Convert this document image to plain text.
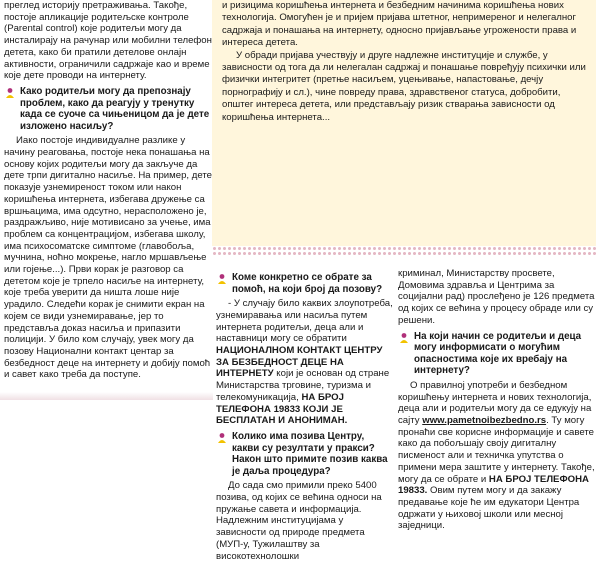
преглед историју претраживања. Такође, постоје апликације родитељске контроле (Parental control) које родитељи могу да инсталирају на рачунар или мобилни телефон детета, како би пратили детелове онлајн активности, ограничили садржаје као и време које дете проводи на интернету.

Како родитељи могу да препознају проблем, како да реагују у тренутку када се суоче са чињеницом да је дете изложено насиљу?

Иако постоје индивидуалне разлике у начину реаговања, постоје нека понашања на основу којих родитељи могу да закључе да дете трпи дигитално насиље. На пример, дете показује узнемиреност током или након коришћења интернета, избегава дружење са вршњацима, има одсутно, нерасположено је, раздражљиво, није мотивисано за учење, има проблем са концентрацијом, избегава школу, има психосоматске симптоме (главобоља, мучнина, ноћно мокрење, нагло мршављење или гојење...). Први корак је разговор са дететом које је трпело насиље на интернету, које треба уверити да ништа лоше није урадило. Следећи корак је снимити екран на којем се види узнемиравање, јер то представља доказ насиља и припазити полицији. У било ком случају, увек могу да позову Национални контакт центар за безбедност деце на интернету и добију помоћ и савет како треба да поступе.

и ризицима коришћења интернета и безбедним начинима коришћења нових технологија. Омогућен је и пријем пријава штетног, непримереног и нелегалног садржаја и понашања на интернету, односно пријављање угрожености права и интереса детета.

У обради пријава учествују и друге надлежне институције и службе, у зависности од тога да ли нелегалан садржај и понашање повређују психички или физички интегритет (претње насиљем, уцењивање, напастовање, дечју порнографију и сл.), чине повреду права, здравственог статуса, добробити, општег интереса детета, или представљају ризик стварања зависности од коришћења интернета...

Коме конкретно се обрате за помоћ, на који број да позову?

- У случају било каквих злоупотреба, узнемиравања или насиља путем интернета родитељи, деца али и наставници могу се обратити НАЦИОНАЛНОМ КОНТАКТ ЦЕНТРУ ЗА БЕЗБЕДНОСТ ДЕЦЕ НА ИНТЕРНЕТУ који је основан од стране Министарства трговине, туризма и телекомуникација, НА БРОЈ ТЕЛЕФОНА 19833 КОЈИ ЈЕ БЕСПЛАТАН И АНОНИМАН.

Колико има позива Центру, какви су резултати у пракси? Након што примите позив каква је даља процедура?

До сада смо примили преко 5400 позива, од којих се већина односи на пружање савета и информација. Надлежним институцијама у зависности од природе предмета (МУП-у, Тужилаштву за високотехнолошки

криминал, Министарству просвете, Домовима здравља и Центрима за социјални рад) прослеђено је 126 предмета од којих се већина у процесу обраде или су решени.

На који начин се родитељи и деца могу информисати о могућим опасностима које их вребају на интернету?

О правилној употреби и безбедном коришћењу интернета и нових технологија, деца али и родитељи могу да се едукују на сајту www.pametnoibezbedno.rs. Ту могу пронаћи све корисне информације и савете како да побољшају своју дигиталну писменост али и техничка упутства о примени мера заштите у интернету. Такође, могу да се обрате и НА БРОЈ ТЕЛЕФОНА 19833. Овим путем могу и да закажу предавање које ће им едукатори Центра одржати у њиховој школи или месној заједници.
